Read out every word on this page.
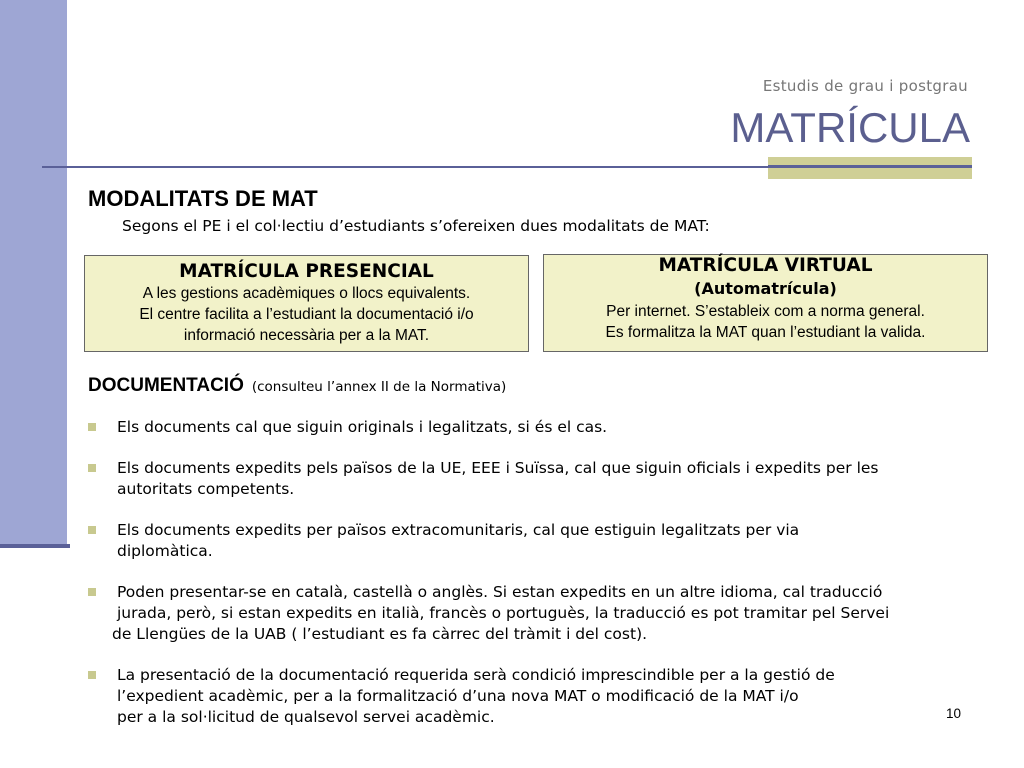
Estudis de grau i postgrau
MATRÍCULA
MODALITATS DE MAT
Segons el PE i el col·lectiu d’estudiants s’ofereixen dues modalitats de MAT:
MATRÍCULA PRESENCIAL
A les gestions acadèmiques o llocs equivalents.
El centre facilita a l’estudiant la documentació i/o
informació necessària per a la MAT.
MATRÍCULA VIRTUAL
(Automatrícula)
Per internet. S’estableix com a norma general.
Es formalitza la MAT quan l’estudiant la valida.
DOCUMENTACIÓ (consulteu l’annex II de la Normativa)
Els documents cal que siguin originals i legalitzats, si és el cas.
Els documents expedits pels països de la UE, EEE i Suïssa, cal que siguin oficials i expedits per les
autoritats competents.
Els documents expedits per països extracomunitaris, cal que estiguin legalitzats per via
diplomàtica.
Poden presentar-se en català, castellà o anglès. Si estan expedits en un altre idioma, cal traducció
jurada, però, si estan expedits en italià, francès o portuguès, la traducció es pot tramitar pel Servei
de Llengües de la UAB ( l’estudiant es fa càrrec del tràmit i del cost).
La presentació de la documentació requerida serà condició imprescindible per a la gestió de
l’expedient acadèmic, per a la formalització d’una nova MAT o modificació de la MAT i/o
per a la sol·licitud de qualsevol servei acadèmic.	10
